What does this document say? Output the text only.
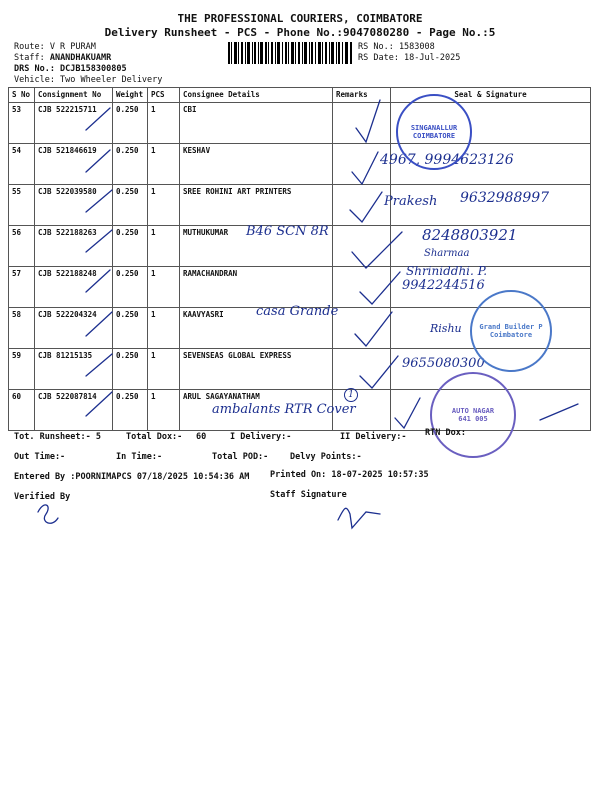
THE PROFESSIONAL COURIERS, COIMBATORE
Delivery Runsheet - PCS - Phone No.:9047080280 - Page No.:5
Route: V R PURAM
Staff: ANANDHAKUAMR
DRS No.: DCJB158300805
Vehicle: Two Wheeler Delivery
RS No.: 1583008
RS Date: 18-Jul-2025
S No	Consignment No	Weight	PCS	Consignee Details	Remarks	Seal & Signature
53	CJB 522215711	0.250	1	CBI		
54	CJB 521846619	0.250	1	KESHAV		
55	CJB 522039580	0.250	1	SREE ROHINI ART PRINTERS		
56	CJB 522188263	0.250	1	MUTHUKUMAR		
57	CJB 522188248	0.250	1	RAMACHANDRAN		
58	CJB 522204324	0.250	1	KAAVYASRI		
59	CJB 81215135	0.250	1	SEVENSEAS GLOBAL EXPRESS		
60	CJB 522087814	0.250	1	ARUL SAGAYANATHAM		
4967, 9994623126
Prakesh 9632988997
B46 SCN 8R	8248803921
Sharmaa
Shriniddhi. P.
9942244516
casa Grande
Rishu
9655080300
ambalants RTR Cover
1
SINGANALLUR
COIMBATORE
Grand Builder P
Coimbatore
AUTO NAGAR
641 005
Tot. Runsheet:- 5	Total Dox:- 60	I Delivery:-	II Delivery:- RTN Dox:
Out Time:-	In Time:-	Total POD:-	Delvy Points:-
Entered By :POORNIMAPCS 07/18/2025 10:54:36 AM Printed On: 18-07-2025 10:57:35
Verified By	Staff Signature
